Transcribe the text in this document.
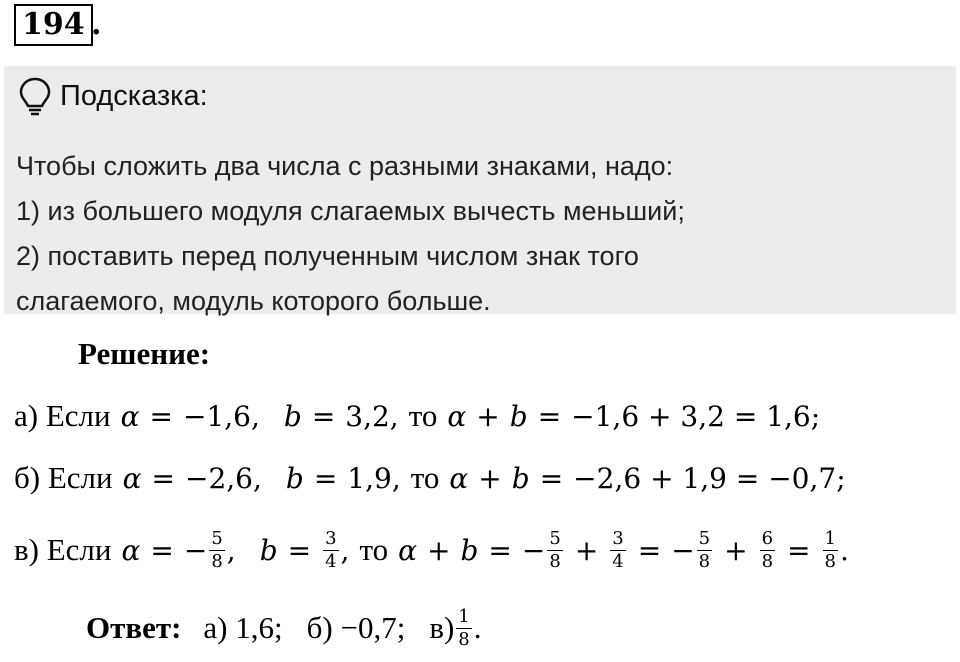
194 .
Подсказка:
Чтобы сложить два числа с разными знаками, надо:
1) из большего модуля слагаемых вычесть меньший;
2) поставить перед полученным числом знак того
слагаемого, модуль которого больше.
Решение:
а) Если α = −1,6, b = 3,2, то α + b = −1,6 + 3,2 = 1,6;
б) Если α = −2,6, b = 1,9, то α + b = −2,6 + 1,9 = −0,7;
в) Если α = − $\frac{5}{8}$ , $b = \frac{3}{4}$ , то α + b = − $\frac{5}{8} + \frac{3}{4}$ = − $\frac{5}{8} + \frac{6}{8} = \frac{1}{8}$ .
Ответ: а) 1,6; б) −0,7; $в) \frac{1}{8}$ .
